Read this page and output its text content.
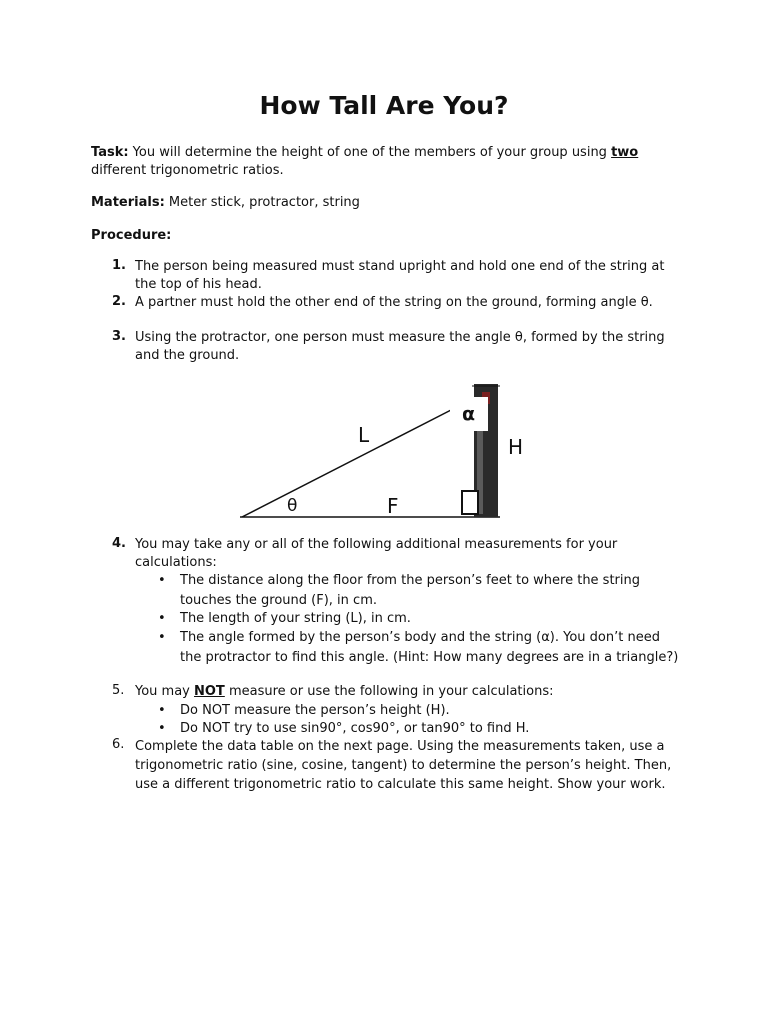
How Tall Are You?

Task: You will determine the height of one of the members of your group using two different trigonometric ratios.

Materials: Meter stick, protractor, string

Procedure:

1. The person being measured must stand upright and hold one end of the string at the top of his head.

2. A partner must hold the other end of the string on the ground, forming angle θ.

3. Using the protractor, one person must measure the angle θ, formed by the string and the ground.

L	H
F
θ
α
4. You may take any or all of the following additional measurements for your calculations:

• The distance along the floor from the person’s feet to where the string touches the ground (F), in cm.

• The length of your string (L), in cm.

• The angle formed by the person’s body and the string (α). You don’t need the protractor to find this angle. (Hint: How many degrees are in a triangle?)

5. You may NOT measure or use the following in your calculations:

• Do NOT measure the person’s height (H).

• Do NOT try to use sin90°, cos90°, or tan90° to find H.

6. Complete the data table on the next page. Using the measurements taken, use a trigonometric ratio (sine, cosine, tangent) to determine the person’s height. Then, use a different trigonometric ratio to calculate this same height. Show your work.
